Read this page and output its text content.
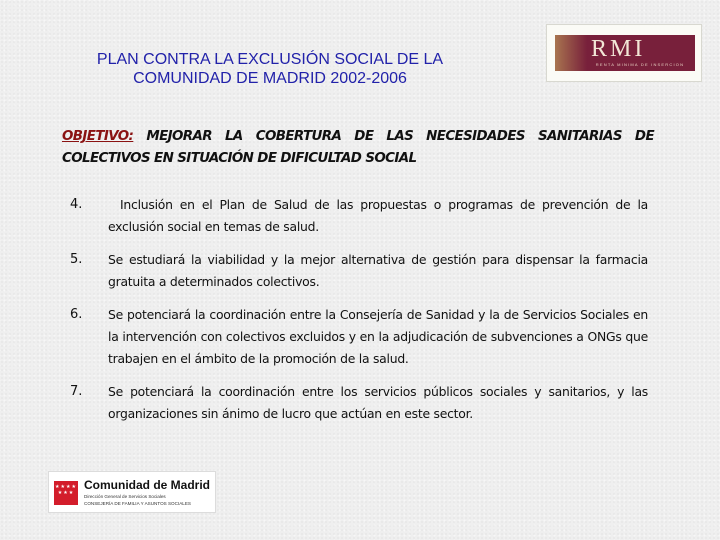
PLAN CONTRA LA EXCLUSIÓN SOCIAL DE LA
COMUNIDAD DE MADRID 2002-2006
RMI
RENTA MINIMA DE INSERCION
OBJETIVO: MEJORAR LA COBERTURA DE LAS NECESIDADES SANITARIAS DE COLECTIVOS EN SITUACIÓN DE DIFICULTAD SOCIAL
4.	Inclusión en el Plan de Salud de las propuestas o programas de prevención de la exclusión social en temas de salud.
5. Se estudiará la viabilidad y la mejor alternativa de gestión para dispensar la farmacia gratuita a determinados colectivos.
6. Se potenciará la coordinación entre la Consejería de Sanidad y la de Servicios Sociales en la intervención con colectivos excluidos y en la adjudicación de subvenciones a ONGs que trabajen en el ámbito de la promoción de la salud.
7. Se potenciará la coordinación entre los servicios públicos sociales y sanitarios, y las organizaciones sin ánimo de lucro que actúan en este sector.
★★★★
★★★
Comunidad de Madrid
Dirección General de Servicios Sociales
CONSEJERÍA DE FAMILIA Y ASUNTOS SOCIALES
